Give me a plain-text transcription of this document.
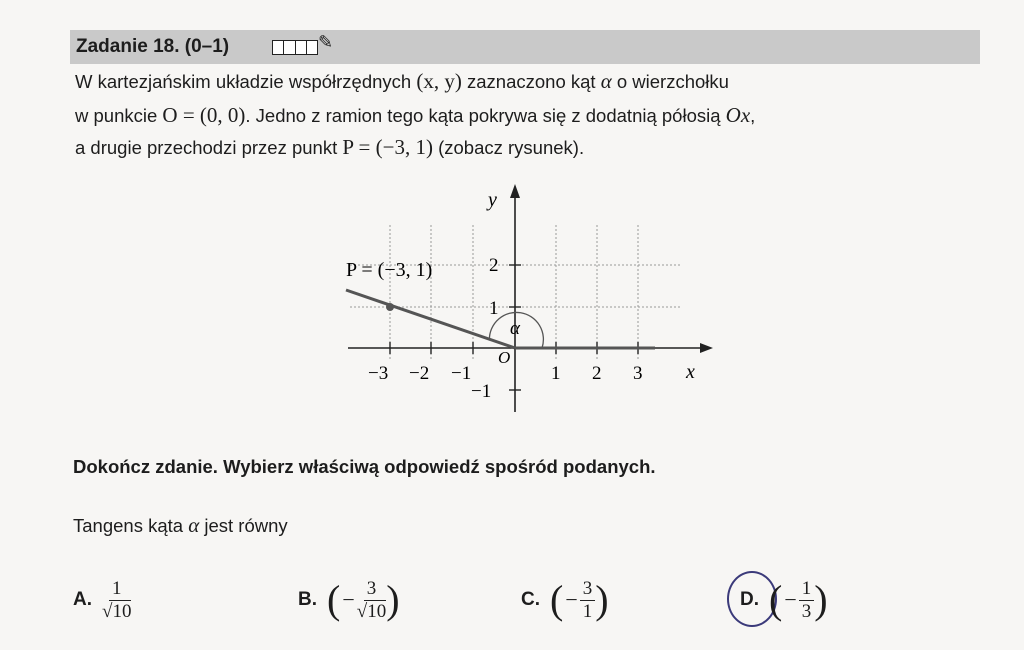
Zadanie 18. (0–1)	✎
W kartezjańskim układzie współrzędnych (x, y) zaznaczono kąt α o wierzchołku
w punkcie O = (0, 0). Jedno z ramion tego kąta pokrywa się z dodatnią półosią Ox,
a drugie przechodzi przez punkt P = (−3, 1) (zobacz rysunek).
P = (−3, 1)
y
x
O
α
−3 −2 −1	1 2 3
2
1
−1
Dokończ zdanie. Wybierz właściwą odpowiedź spośród podanych.
Tangens kąta α jest równy
A. $\frac{1}{√10}$	B. ( − $\frac{3}{√10}$ )	C. ( − $\frac{3}{1}$ )	D. ( − $\frac{1}{3}$ )
